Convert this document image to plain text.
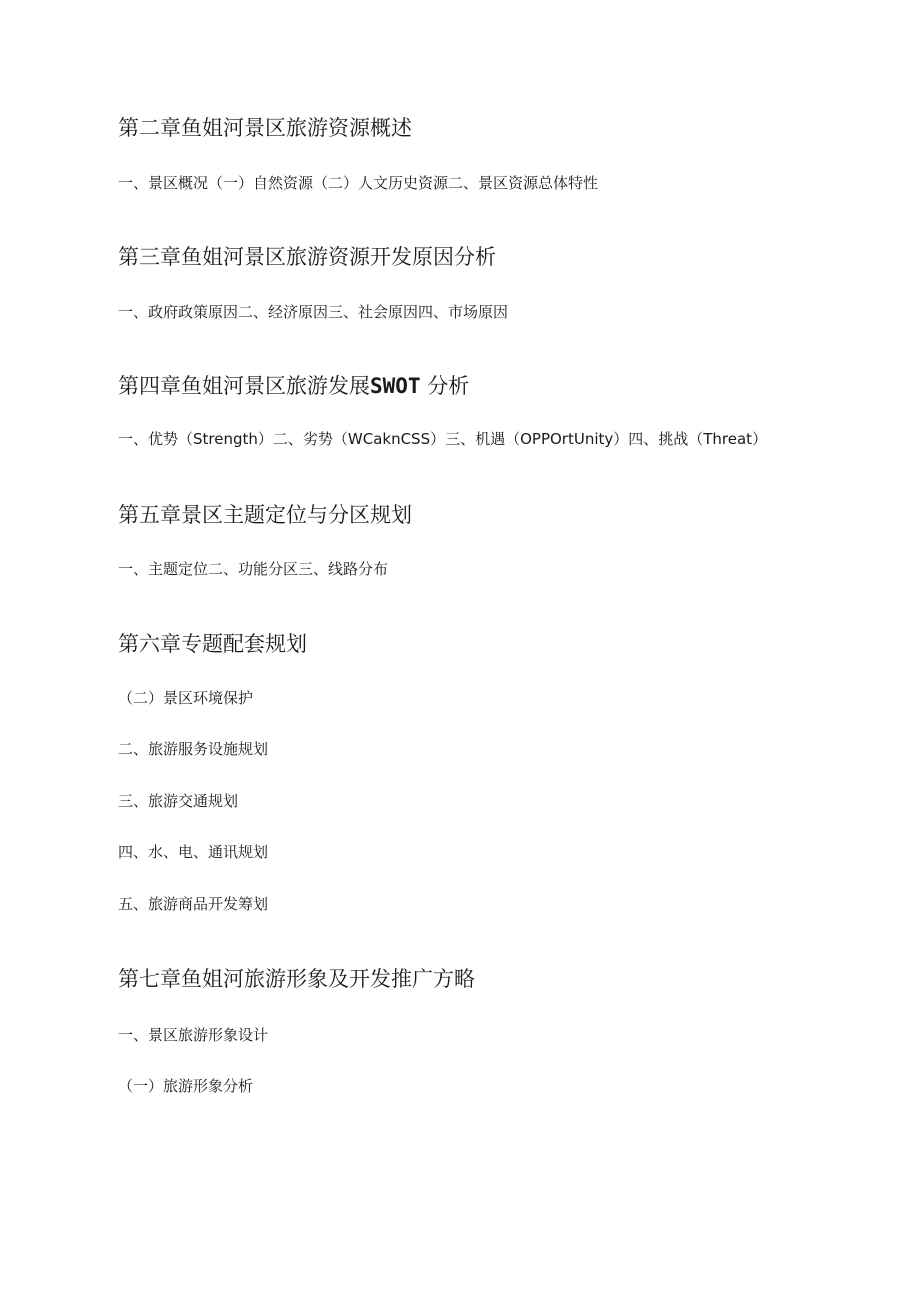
第二章鱼姐河景区旅游资源概述

一、景区概况（一）自然资源（二）人文历史资源二、景区资源总体特性

第三章鱼姐河景区旅游资源开发原因分析

一、政府政策原因二、经济原因三、社会原因四、市场原因

第四章鱼姐河景区旅游发展SWOT 分析

一、优势（Strength）二、劣势（WCaknCSS）三、机遇（OPPOrtUnity）四、挑战（Threat）

第五章景区主题定位与分区规划

一、主题定位二、功能分区三、线路分布

第六章专题配套规划

（二）景区环境保护

二、旅游服务设施规划

三、旅游交通规划

四、水、电、通讯规划

五、旅游商品开发筹划

第七章鱼姐河旅游形象及开发推广方略

一、景区旅游形象设计

（一）旅游形象分析
